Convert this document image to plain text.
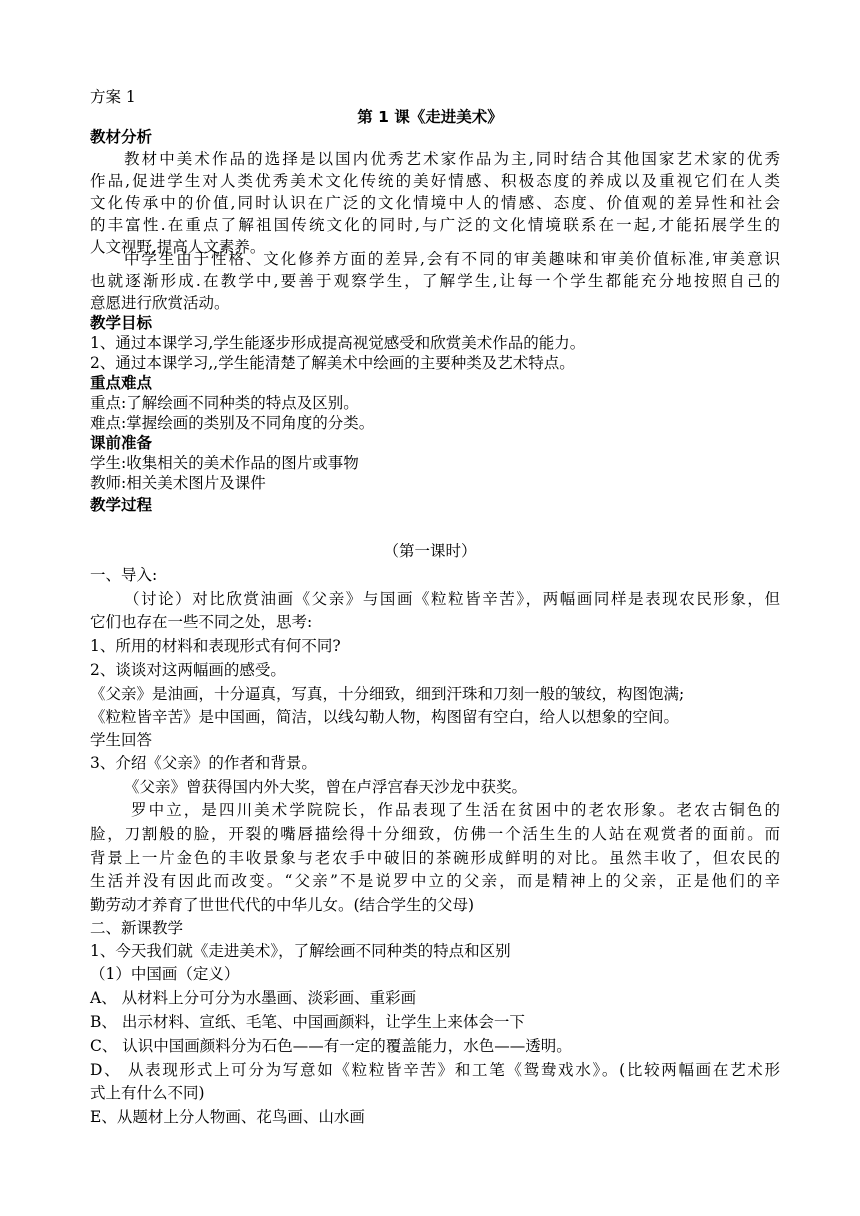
方案 1
第 1 课《走进美术》
教材分析
教材中美术作品的选择是以国内优秀艺术家作品为主,同时结合其他国家艺术家的优秀
作品,促进学生对人类优秀美术文化传统的美好情感、积极态度的养成以及重视它们在人类
文化传承中的价值,同时认识在广泛的文化情境中人的情感、态度、价值观的差异性和社会
的丰富性.在重点了解祖国传统文化的同时,与广泛的文化情境联系在一起,才能拓展学生的
人文视野,提高人文素养。
中学生由于性格、文化修养方面的差异,会有不同的审美趣味和审美价值标准,审美意识
也就逐渐形成.在教学中,要善于观察学生，了解学生,让每一个学生都能充分地按照自己的
意愿进行欣赏活动。
教学目标
1、通过本课学习,学生能逐步形成提高视觉感受和欣赏美术作品的能力。
2、通过本课学习,,学生能清楚了解美术中绘画的主要种类及艺术特点。
重点难点
重点:了解绘画不同种类的特点及区别。
难点:掌握绘画的类别及不同角度的分类。
课前准备
学生:收集相关的美术作品的图片或事物
教师:相关美术图片及课件
教学过程
（第一课时）
一、导入:
（讨论）对比欣赏油画《父亲》与国画《粒粒皆辛苦》，两幅画同样是表现农民形象，但
它们也存在一些不同之处，思考:
1、所用的材料和表现形式有何不同?
2、谈谈对这两幅画的感受。
《父亲》是油画，十分逼真，写真，十分细致，细到汗珠和刀刻一般的皱纹，构图饱满;
《粒粒皆辛苦》是中国画，简洁，以线勾勒人物，构图留有空白，给人以想象的空间。
学生回答
3、介绍《父亲》的作者和背景。
《父亲》曾获得国内外大奖，曾在卢浮宫春天沙龙中获奖。
罗中立，是四川美术学院院长，作品表现了生活在贫困中的老农形象。老农古铜色的
脸，刀割般的脸，开裂的嘴唇描绘得十分细致，仿佛一个活生生的人站在观赏者的面前。而
背景上一片金色的丰收景象与老农手中破旧的茶碗形成鲜明的对比。虽然丰收了，但农民的
生活并没有因此而改变。“父亲”不是说罗中立的父亲，而是精神上的父亲，正是他们的辛
勤劳动才养育了世世代代的中华儿女。(结合学生的父母)
二、新课教学
1、今天我们就《走进美术》，了解绘画不同种类的特点和区别
（1）中国画（定义）
A、 从材料上分可分为水墨画、淡彩画、重彩画
B、 出示材料、宣纸、毛笔、中国画颜料，让学生上来体会一下
C、 认识中国画颜料分为石色——有一定的覆盖能力，水色——透明。
D、 从表现形式上可分为写意如《粒粒皆辛苦》和工笔《鸳鸯戏水》。(比较两幅画在艺术形
式上有什么不同)
E、从题材上分人物画、花鸟画、山水画
